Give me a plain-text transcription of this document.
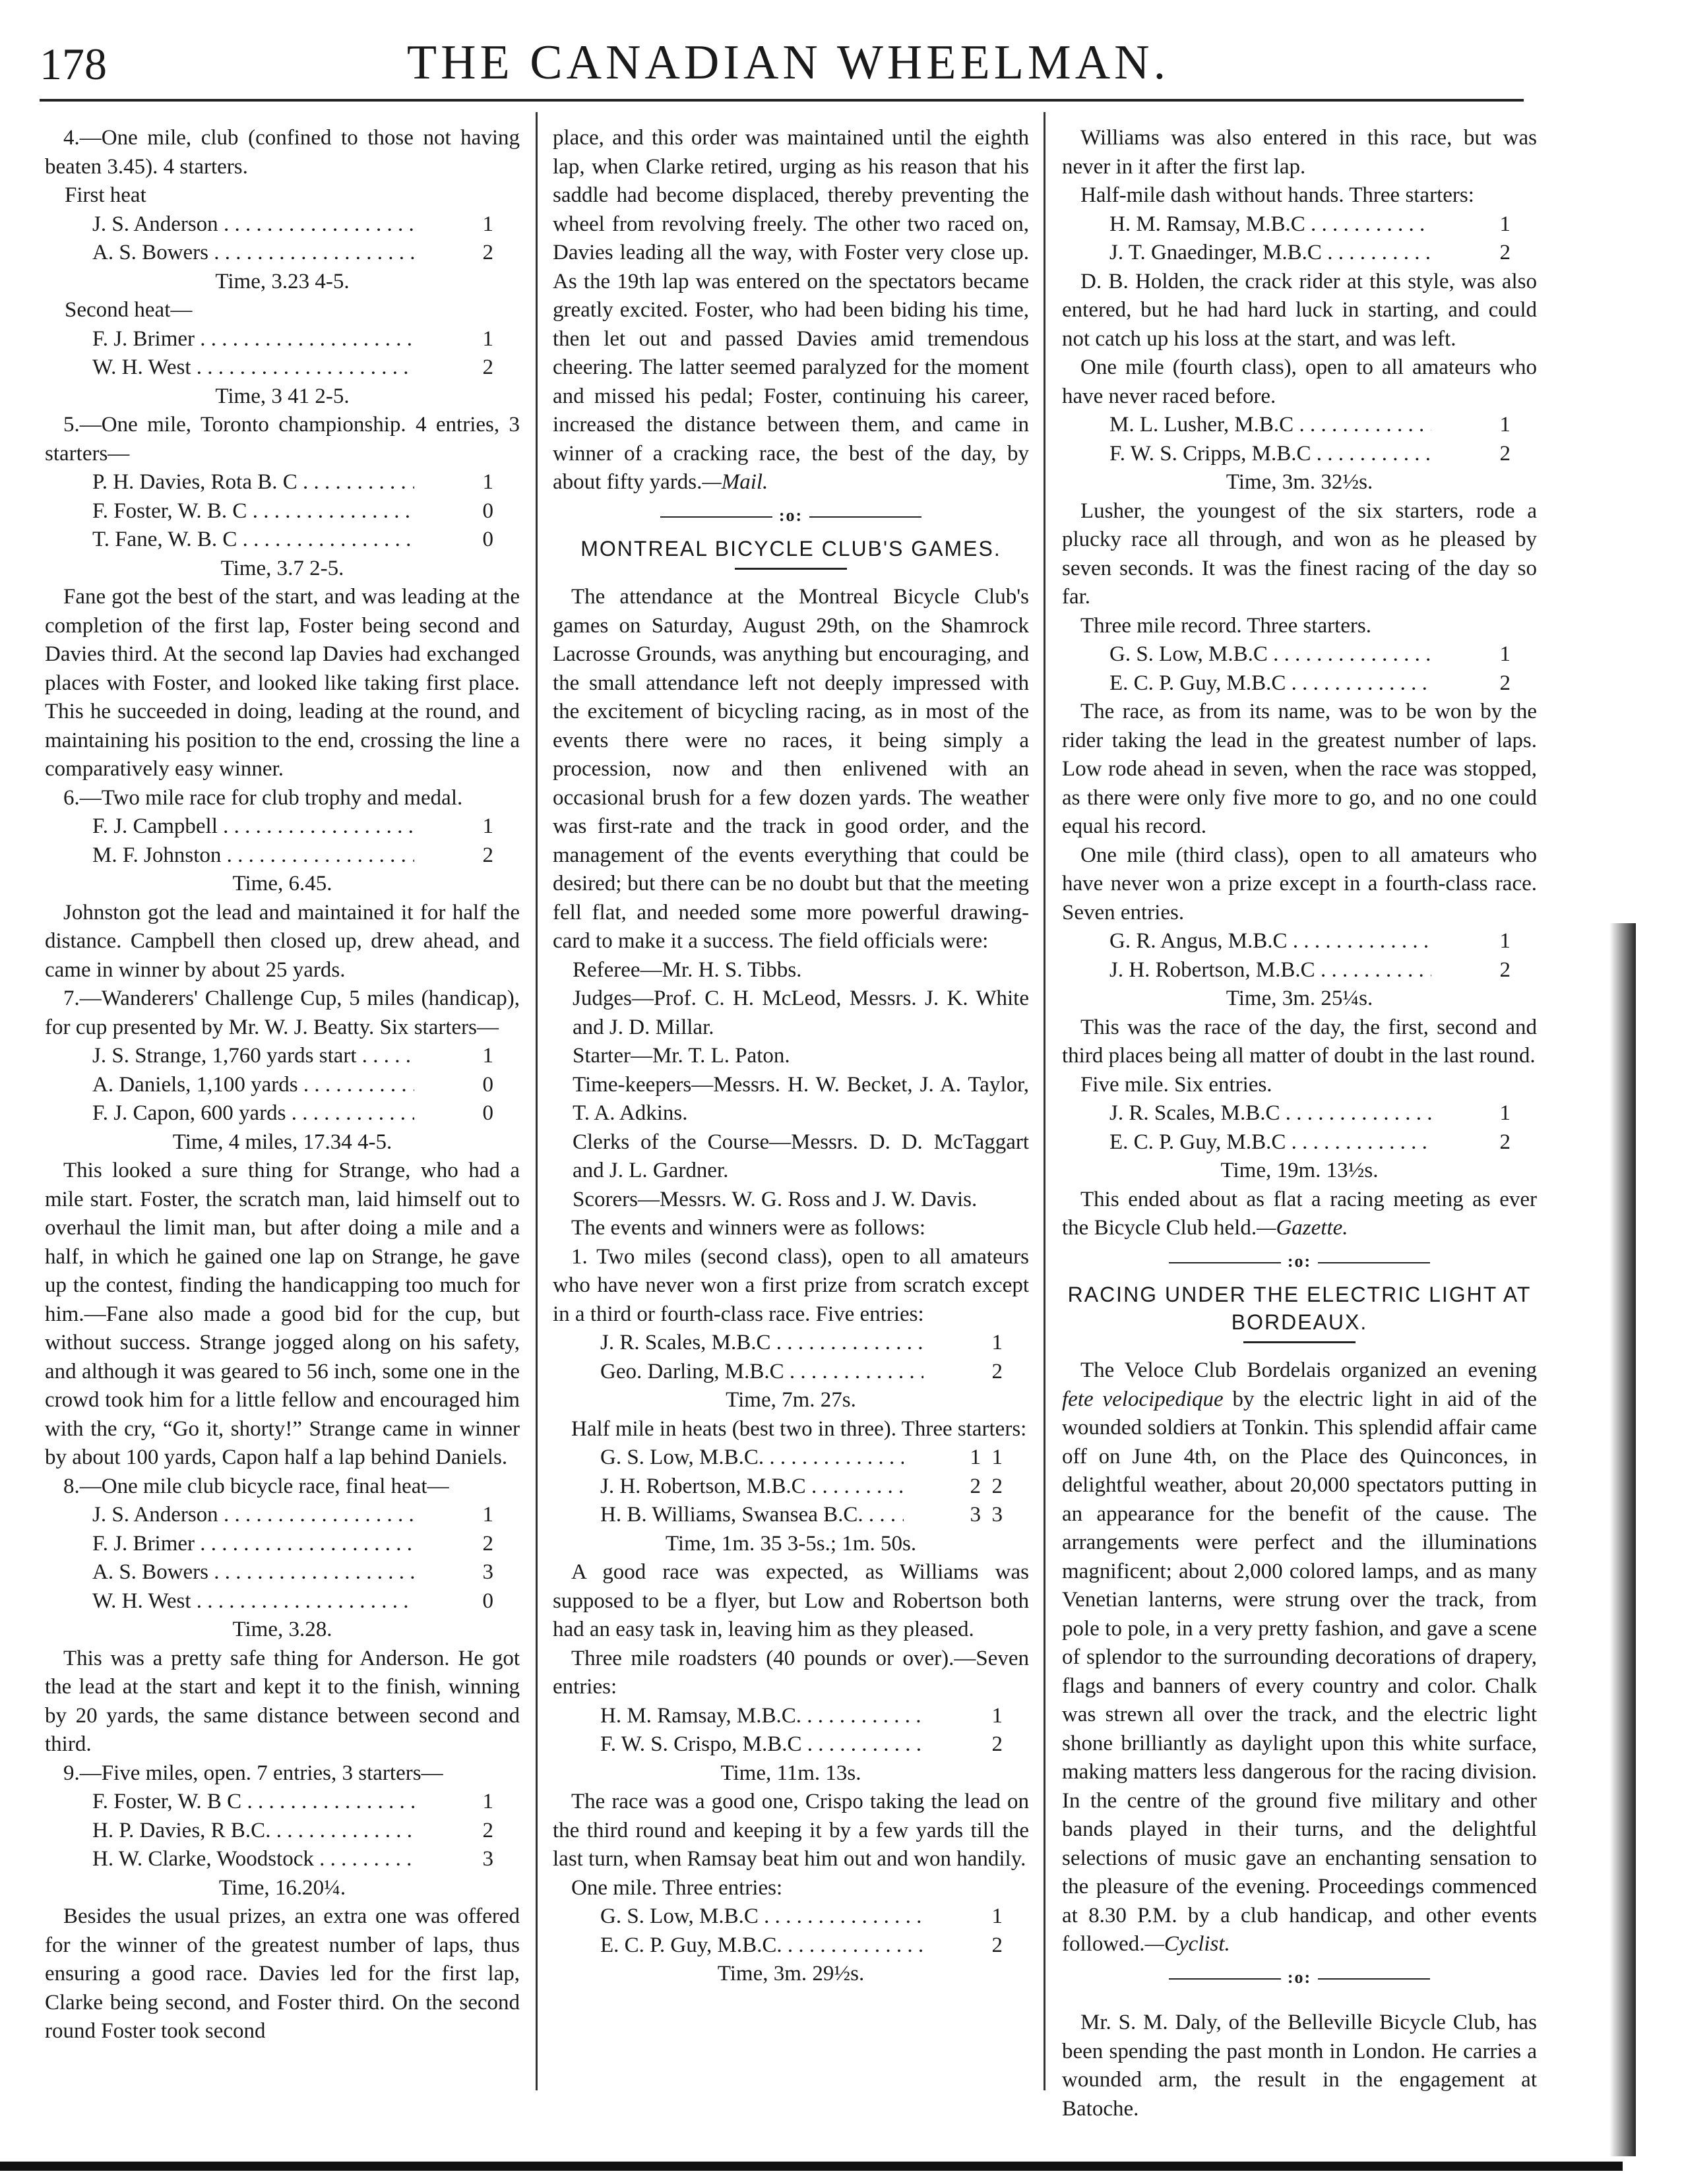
178	THE CANADIAN WHEELMAN.

4.—One mile, club (confined to those not having beaten 3.45). 4 starters.

First heat

J. S. Anderson . . .	1
A. S. Bowers . . .	2
Time, 3.23 4-5.

Second heat—

F. J. Brimer . . .	1
W. H. West . . .	2
Time, 3 41 2-5.

5.—One mile, Toronto championship. 4 entries, 3 starters—

P. H. Davies, Rota B. C . . .	1
F. Foster, W. B. C . . .	0
T. Fane, W. B. C . . .	0
Time, 3.7 2-5.

Fane got the best of the start, and was leading at the completion of the first lap, Foster being second and Davies third. At the second lap Davies had exchanged places with Foster, and looked like taking first place. This he succeeded in doing, leading at the round, and maintaining his position to the end, crossing the line a comparatively easy winner.

6.—Two mile race for club trophy and medal.

F. J. Campbell . . .	1
M. F. Johnston . . .	2
Time, 6.45.

Johnston got the lead and maintained it for half the distance. Campbell then closed up, drew ahead, and came in winner by about 25 yards.

7.—Wanderers' Challenge Cup, 5 miles (handicap), for cup presented by Mr. W. J. Beatty. Six starters—

J. S. Strange, 1,760 yards start . . .	1
A. Daniels, 1,100 yards . . .	0
F. J. Capon, 600 yards . . .	0
Time, 4 miles, 17.34 4-5.

This looked a sure thing for Strange, who had a mile start. Foster, the scratch man, laid himself out to overhaul the limit man, but after doing a mile and a half, in which he gained one lap on Strange, he gave up the contest, finding the handicapping too much for him.—Fane also made a good bid for the cup, but without success. Strange jogged along on his safety, and although it was geared to 56 inch, some one in the crowd took him for a little fellow and encouraged him with the cry, “Go it, shorty!” Strange came in winner by about 100 yards, Capon half a lap behind Daniels.

8.—One mile club bicycle race, final heat—

J. S. Anderson . . .	1
F. J. Brimer . . .	2
A. S. Bowers . . .	3
W. H. West . . .	0
Time, 3.28.

This was a pretty safe thing for Anderson. He got the lead at the start and kept it to the finish, winning by 20 yards, the same distance between second and third.

9.—Five miles, open. 7 entries, 3 starters—

F. Foster, W. B C . . .	1
H. P. Davies, R B.C. . . .	2
H. W. Clarke, Woodstock . . .	3
Time, 16.20¼.

Besides the usual prizes, an extra one was offered for the winner of the greatest number of laps, thus ensuring a good race. Davies led for the first lap, Clarke being second, and Foster third. On the second round Foster took second

place, and this order was maintained until the eighth lap, when Clarke retired, urging as his reason that his saddle had become displaced, thereby preventing the wheel from revolving freely. The other two raced on, Davies leading all the way, with Foster very close up. As the 19th lap was entered on the spectators became greatly excited. Foster, who had been biding his time, then let out and passed Davies amid tremendous cheering. The latter seemed paralyzed for the moment and missed his pedal; Foster, continuing his career, increased the distance between them, and came in winner of a cracking race, the best of the day, by about fifty yards.—Mail.

:o:
MONTREAL BICYCLE CLUB'S GAMES.

The attendance at the Montreal Bicycle Club's games on Saturday, August 29th, on the Shamrock Lacrosse Grounds, was anything but encouraging, and the small attendance left not deeply impressed with the excitement of bicycling racing, as in most of the events there were no races, it being simply a procession, now and then enlivened with an occasional brush for a few dozen yards. The weather was first-rate and the track in good order, and the management of the events everything that could be desired; but there can be no doubt but that the meeting fell flat, and needed some more powerful drawing-card to make it a success. The field officials were:

Referee—Mr. H. S. Tibbs.

Judges—Prof. C. H. McLeod, Messrs. J. K. White and J. D. Millar.

Starter—Mr. T. L. Paton.

Time-keepers—Messrs. H. W. Becket, J. A. Taylor, T. A. Adkins.

Clerks of the Course—Messrs. D. D. McTaggart and J. L. Gardner.

Scorers—Messrs. W. G. Ross and J. W. Davis.

The events and winners were as follows:

1. Two miles (second class), open to all amateurs who have never won a first prize from scratch except in a third or fourth-class race. Five entries:

J. R. Scales, M.B.C . . .	1
Geo. Darling, M.B.C . . .	2
Time, 7m. 27s.

Half mile in heats (best two in three). Three starters:

G. S. Low, M.B.C. . . .	1 1
J. H. Robertson, M.B.C . . .	2 2
H. B. Williams, Swansea B.C. . . .	3 3
Time, 1m. 35 3-5s.; 1m. 50s.

A good race was expected, as Williams was supposed to be a flyer, but Low and Robertson both had an easy task in, leaving him as they pleased.

Three mile roadsters (40 pounds or over).—Seven entries:

H. M. Ramsay, M.B.C. . . .	1
F. W. S. Crispo, M.B.C . . .	2
Time, 11m. 13s.

The race was a good one, Crispo taking the lead on the third round and keeping it by a few yards till the last turn, when Ramsay beat him out and won handily.

One mile. Three entries:

G. S. Low, M.B.C . . .	1
E. C. P. Guy, M.B.C. . . .	2
Time, 3m. 29½s.

Williams was also entered in this race, but was never in it after the first lap.

Half-mile dash without hands. Three starters:

H. M. Ramsay, M.B.C . . .	1
J. T. Gnaedinger, M.B.C . . .	2

D. B. Holden, the crack rider at this style, was also entered, but he had hard luck in starting, and could not catch up his loss at the start, and was left.

One mile (fourth class), open to all amateurs who have never raced before.

M. L. Lusher, M.B.C . . .	1
F. W. S. Cripps, M.B.C . . .	2
Time, 3m. 32½s.

Lusher, the youngest of the six starters, rode a plucky race all through, and won as he pleased by seven seconds. It was the finest racing of the day so far.

Three mile record. Three starters.

G. S. Low, M.B.C . . .	1
E. C. P. Guy, M.B.C . . .	2

The race, as from its name, was to be won by the rider taking the lead in the greatest number of laps. Low rode ahead in seven, when the race was stopped, as there were only five more to go, and no one could equal his record.

One mile (third class), open to all amateurs who have never won a prize except in a fourth-class race. Seven entries.

G. R. Angus, M.B.C . . .	1
J. H. Robertson, M.B.C . . .	2
Time, 3m. 25¼s.

This was the race of the day, the first, second and third places being all matter of doubt in the last round.

Five mile. Six entries.

J. R. Scales, M.B.C . . .	1
E. C. P. Guy, M.B.C . . .	2
Time, 19m. 13½s.

This ended about as flat a racing meeting as ever the Bicycle Club held.—Gazette.

:o:
RACING UNDER THE ELECTRIC LIGHT AT BORDEAUX.

The Veloce Club Bordelais organized an evening fete velocipedique by the electric light in aid of the wounded soldiers at Tonkin. This splendid affair came off on June 4th, on the Place des Quinconces, in delightful weather, about 20,000 spectators putting in an appearance for the benefit of the cause. The arrangements were perfect and the illuminations magnificent; about 2,000 colored lamps, and as many Venetian lanterns, were strung over the track, from pole to pole, in a very pretty fashion, and gave a scene of splendor to the surrounding decorations of drapery, flags and banners of every country and color. Chalk was strewn all over the track, and the electric light shone brilliantly as daylight upon this white surface, making matters less dangerous for the racing division. In the centre of the ground five military and other bands played in their turns, and the delightful selections of music gave an enchanting sensation to the pleasure of the evening. Proceedings commenced at 8.30 P.M. by a club handicap, and other events followed.—Cyclist.

:o:

Mr. S. M. Daly, of the Belleville Bicycle Club, has been spending the past month in London. He carries a wounded arm, the result in the engagement at Batoche.
